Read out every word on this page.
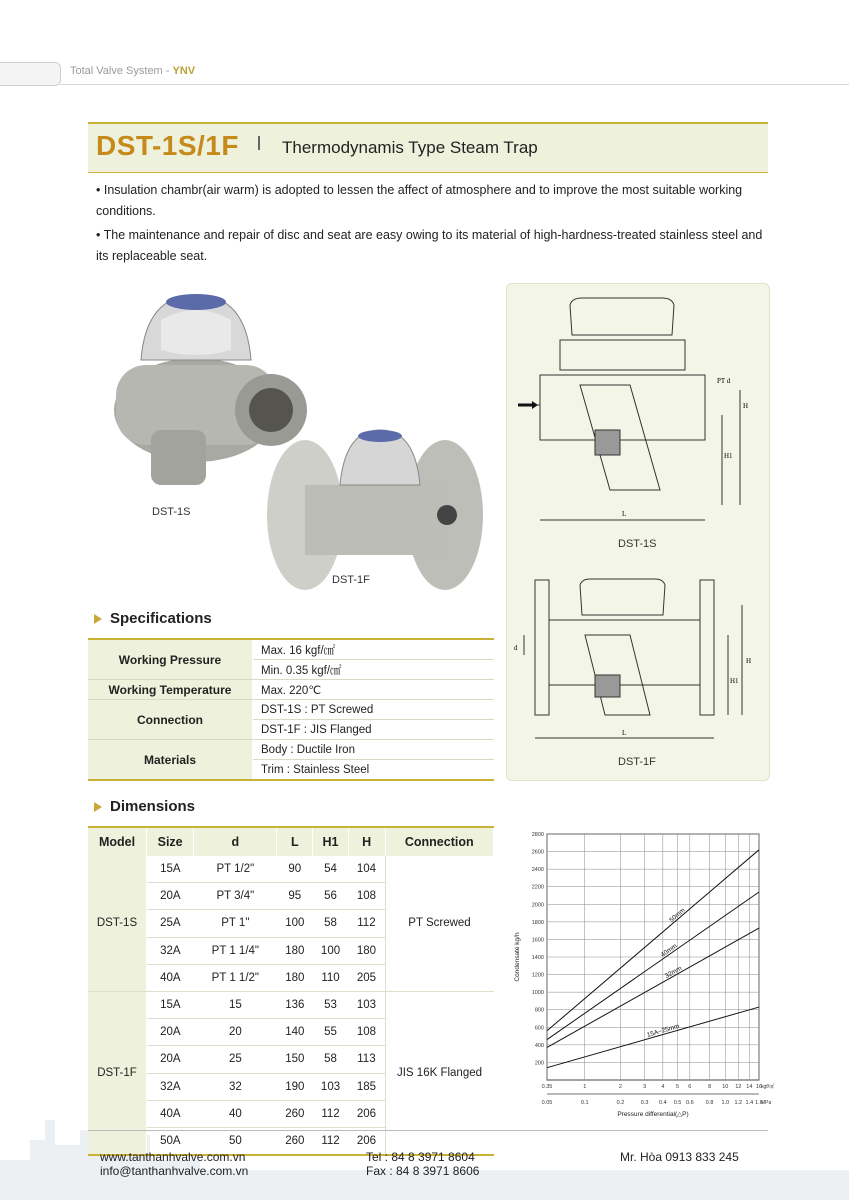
Total Valve System - YNV
DST-1S/1F	Thermodynamis Type Steam Trap
• Insulation chambr(air warm) is adopted to lessen the affect of atmosphere and to improve the most suitable working conditions.
• The maintenance and repair of disc and seat are easy owing to its material of high-hardness-treated stainless steel and its replaceable seat.
DST-1S
DST-1F
PT d
H
H1
L
DST-1S
d
H
H1
L
DST-1F
Specifications
Working Pressure	Max. 16 kgf/㎠
	Min. 0.35 kgf/㎠
Working Temperature	Max. 220℃
Connection	DST-1S : PT Screwed
	DST-1F : JIS Flanged
Materials	Body : Ductile Iron
	Trim : Stainless Steel
Dimensions
Model	Size	d	L	H1	H	Connection
DST-1S	15A	PT 1/2"	90	54	104	PT Screwed
	20A	PT 3/4"	95	56	108	
	25A	PT 1"	100	58	112	
	32A	PT 1 1/4"	180	100	180	
	40A	PT 1 1/2"	180	110	205	
DST-1F	15A	15	136	53	103	JIS 16K Flanged
	20A	20	140	55	108	
	20A	25	150	58	113	
	32A	32	190	103	185	
	40A	40	260	112	206	
	50A	50	260	112	206	
200
400
600
800
1000
1200
1400
1600
1800
2000
2200
2400
2600
2800
0.35
0.05
1
0.1
2
0.2
3
0.3
4
0.4
5
0.5
6
0.6
8
0.8
10
1.0
12
1.2
14
1.4
16
1.6
kgf/㎠
MPa
Pressure differential(△P)
Condensate kg/h
50mm
40mm
32mm
15A~25mm
www.tanthanhvalve.com.vn
info@tanthanhvalve.com.vn
Tel : 84 8 3971 8604
Fax : 84 8 3971 8606
Mr. Hòa 0913 833 245
